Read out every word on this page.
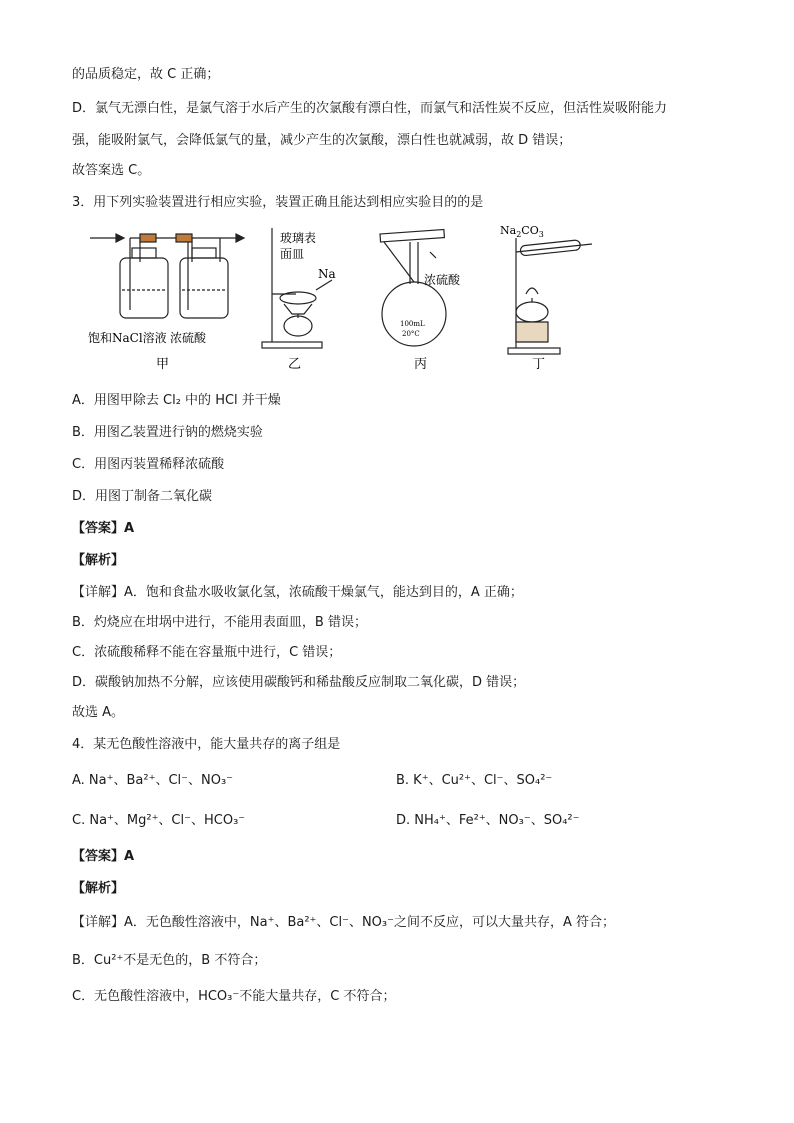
的品质稳定，故 C 正确；
D．氯气无漂白性，是氯气溶于水后产生的次氯酸有漂白性，而氯气和活性炭不反应，但活性炭吸附能力
强，能吸附氯气，会降低氯气的量，减少产生的次氯酸，漂白性也就减弱，故 D 错误；
故答案选 C。
3．用下列实验装置进行相应实验，装置正确且能达到相应实验目的的是
饱和NaCl溶液 浓硫酸
玻璃表
面皿
Na	浓硫酸
100mL
20°C
$Na_2CO_3$
甲	乙	丙	丁
A．用图甲除去 Cl₂ 中的 HCl 并干燥
B．用图乙装置进行钠的燃烧实验
C．用图丙装置稀释浓硫酸
D．用图丁制备二氧化碳
【答案】A
【解析】
【详解】A．饱和食盐水吸收氯化氢，浓硫酸干燥氯气，能达到目的，A 正确；
B．灼烧应在坩埚中进行，不能用表面皿，B 错误；
C．浓硫酸稀释不能在容量瓶中进行，C 错误；
D．碳酸钠加热不分解，应该使用碳酸钙和稀盐酸反应制取二氧化碳，D 错误；
故选 A。
4．某无色酸性溶液中，能大量共存的离子组是
A. Na⁺、Ba²⁺、Cl⁻、NO₃⁻	B. K⁺、Cu²⁺、Cl⁻、SO₄²⁻
C. Na⁺、Mg²⁺、Cl⁻、HCO₃⁻	D. NH₄⁺、Fe²⁺、NO₃⁻、SO₄²⁻
【答案】A
【解析】
【详解】A．无色酸性溶液中，Na⁺、Ba²⁺、Cl⁻、NO₃⁻之间不反应，可以大量共存，A 符合；
B．Cu²⁺不是无色的，B 不符合；
C．无色酸性溶液中，HCO₃⁻不能大量共存，C 不符合；
